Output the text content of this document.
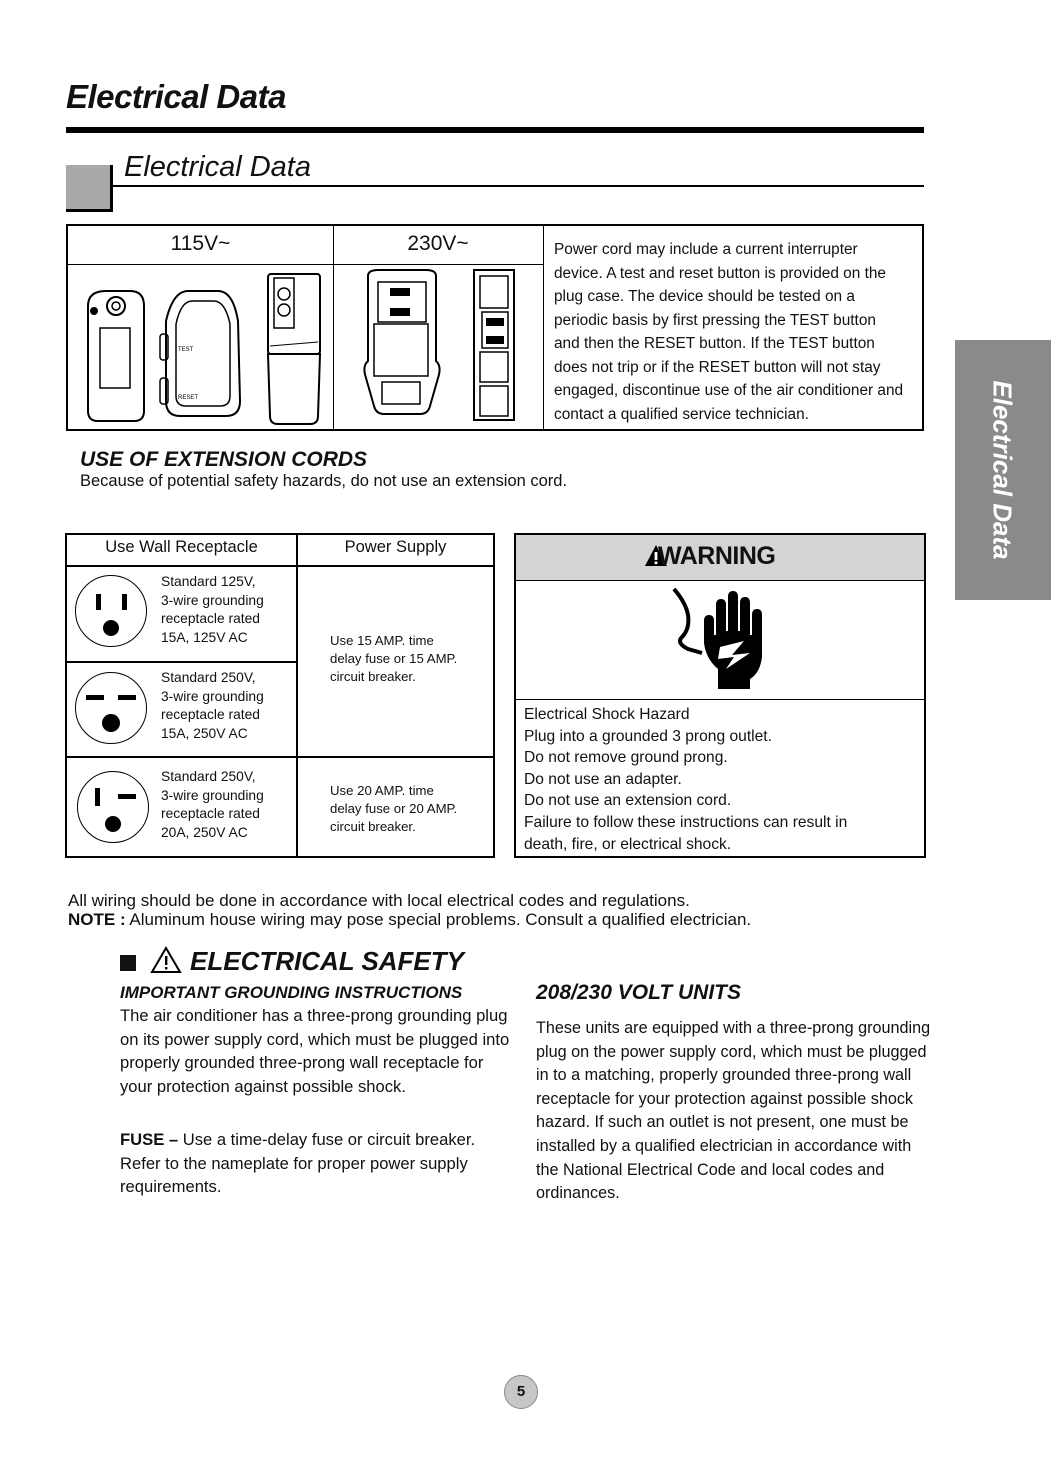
Electrical Data
Electrical Data
Electrical Data
115V~	230V~
TEST
RESET
Power cord may include a current interrupter
device. A test and reset button is provided on the
plug case. The device should be tested on a
periodic basis by first pressing the TEST button
and then the RESET button. If the TEST button
does not trip or if the RESET button will not stay
engaged, discontinue use of the air conditioner and
contact a qualified service technician.
USE OF EXTENSION CORDS
Because of potential safety hazards, do not use an extension cord.
Use Wall Receptacle	Power Supply
Standard 125V,
3-wire grounding
receptacle rated
15A, 125V AC
Standard 250V,
3-wire grounding
receptacle rated
15A, 250V AC
Use 15 AMP. time
delay fuse or 15 AMP.
circuit breaker.
Standard 250V,
3-wire grounding
receptacle rated
20A, 250V AC
Use 20 AMP. time
delay fuse or 20 AMP.
circuit breaker.
WARNING
Electrical Shock Hazard
Plug into a grounded 3 prong outlet.
Do not remove ground prong.
Do not use an adapter.
Do not use an extension cord.
Failure to follow these instructions can result in
death, fire, or electrical shock.
All wiring should be done in accordance with local electrical codes and regulations.
NOTE : Aluminum house wiring may pose special problems. Consult a qualified electrician.
ELECTRICAL SAFETY
IMPORTANT GROUNDING INSTRUCTIONS
The air conditioner has a three-prong grounding plug on its power supply cord, which must be plugged into properly grounded three-prong wall receptacle for your protection against possible shock.
FUSE – Use a time-delay fuse or circuit breaker. Refer to the nameplate for proper power supply requirements.
208/230 VOLT UNITS
These units are equipped with a three-prong grounding plug on the power supply cord, which must be plugged in to a matching, properly grounded three-prong wall receptacle for your protection against possible shock hazard. If such an outlet is not present, one must be installed by a qualified electrician in accordance with the National Electrical Code and local codes and ordinances.
5
